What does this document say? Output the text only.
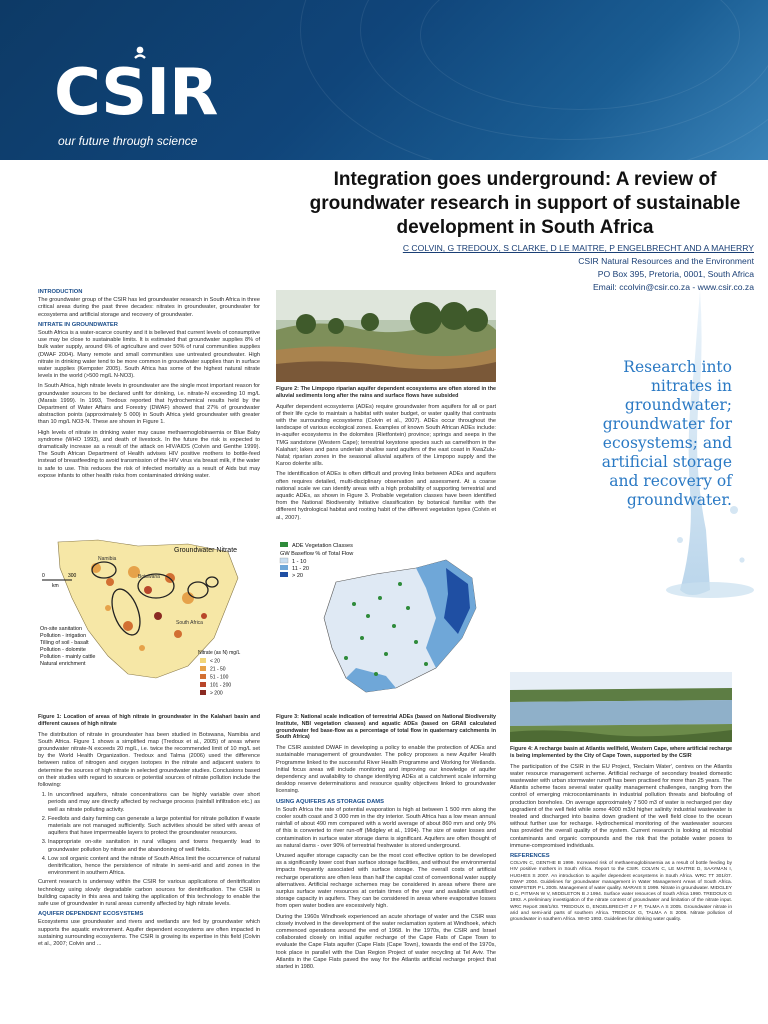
CSIR
our future through science
Integration goes underground: A review of
groundwater research in support of sustainable
development in South Africa
C COLVIN, G TREDOUX, S CLARKE, D LE MAITRE, P ENGELBRECHT AND A MAHERRY
CSIR Natural Resources and the Environment
PO Box 395, Pretoria, 0001, South Africa
Email: ccolvin@csir.co.za - www.csir.co.za
INTRODUCTION
The groundwater group of the CSIR has led groundwater research in South Africa in three critical areas during the past three decades: nitrates in groundwater, groundwater for ecosystems and artificial storage and recovery of groundwater.
NITRATE IN GROUNDWATER
South Africa is a water-scarce country and it is believed that current levels of consumptive use may be close to sustainable limits. It is estimated that groundwater supplies 8% of bulk water supply, around 6% of agriculture and over 50% of rural communities supplies (DWAF 2004). Many remote and small communities use untreated groundwater. High nitrate in drinking water tend to be more common in groundwater supplies than in surface water supplies (Kempster 2005). South Africa has some of the highest natural nitrate levels in the world (>500 mg/L N-NO3).
In South Africa, high nitrate levels in groundwater are the single most important reason for groundwater sources to be declared unfit for drinking, i.e. nitrate-N exceeding 10 mg/L (Marais 1999). In 1993, Tredoux reported that hydrochemical results held by the Department of Water Affairs and Forestry (DWAF) showed that 27% of groundwater abstraction points (approximately 5 000) in South Africa yield groundwater with greater than 10 mg/L NO3-N. These are shown in Figure 1.
High levels of nitrate in drinking water may cause methaemoglobinaemia or Blue Baby syndrome (WHO 1993), and death of livestock. In the future the risk is expected to dramatically increase as a result of the attack on HIV/AIDS (Colvin and Genthe 1999). The South African Department of Health advises HIV positive mothers to bottle-feed instead of breastfeeding to avoid transmission of the HIV virus via breast milk, if the water is safe to use. This reduces the risk of infected mortality as a result of Aids but may expose infants to other health risks from contaminated drinking water.
Namibia
Botswana
South Africa
Groundwater Nitrate
0	300
km
On-site sanitation
Pollution - irrigation
Tilling of soil - basalt
Pollution - dolomite
Pollution - mainly cattle
Natural enrichment
Nitrate (as N) mg/L
< 20
21 - 50
51 - 100
101 - 200
> 200
Figure 1: Location of areas of high nitrate in groundwater in the Kalahari basin and different causes of high nitrate
The distribution of nitrate in groundwater has been studied in Botswana, Namibia and South Africa. Figure 1 shows a simplified map (Tredoux et al., 2005) of areas where groundwater nitrate-N exceeds 20 mg/L, i.e. twice the recommended limit of 10 mg/L set by the World Health Organization. Tredoux and Talma (2006) used the difference between ratios of nitrogen and oxygen isotopes in the nitrate and adjacent waters to determine the sources of high nitrate in selected groundwater studies. Conclusions based on their studies with regard to sources or potential sources of nitrate pollution include the following:
1. In unconfined aquifers, nitrate concentrations can be highly variable over short periods and may are directly affected by recharge process (rainfall infiltration etc.) as well as nitrate polluting activity.
2. Feedlots and dairy farming can generate a large potential for nitrate pollution if waste materials are not managed sufficiently. Such activities should be sited with areas of aquifers that have impermeable layers to protect the groundwater resources.
3. Inappropriate on-site sanitation in rural villages and towns frequently lead to groundwater pollution by nitrate and the abandoning of well fields.
4. Low soil organic content and the nitrate of South Africa limit the occurrence of natural denitrification, hence the persistence of nitrate in semi-arid and arid zones in the environment in southern Africa.
Current research is underway within the CSIR for various applications of denitrification technology using slowly degradable carbon sources for denitrification. The CSIR is building capacity in this area and taking the application of this technology to enable the safe use of groundwater in rural areas currently affected by high nitrate levels.
AQUIFER DEPENDENT ECOSYSTEMS
Ecosystems use groundwater and rivers and wetlands are fed by groundwater which supports the aquatic environment. Aquifer dependent ecosystems are often impacted in sustaining surrounding ecosystems. The CSIR is growing its expertise in this field (Colvin et al., 2007; Colvin and ...
Figure 2: The Limpopo riparian aquifer dependent ecosystems are often stored in the alluvial sediments long after the rains and surface flows have subsided
Aquifer dependent ecosystems (ADEs) require groundwater from aquifers for all or part of their life cycle to maintain a habitat with water budget, or water quality that contrasts with the surrounding ecosystems (Colvin et al., 2007). ADEs occur throughout the landscape of various ecological zones. Examples of known South African ADEs include: in-aquifer ecosystems in the dolomites (Rietfontein) province; springs and seeps in the TMG sandstone (Western Cape); terrestrial keystone species such as camelthorn in the Kalahari; lakes and pans underlain shallow sand aquifers of the east coast in KwaZulu-Natal; riparian zones in the seasonal alluvial aquifers of the Limpopo supply and the Karoo dolerite sills.
The identification of ADEs is often difficult and proving links between ADEs and aquifers often requires detailed, multi-disciplinary observation and assessment. At a coarse national scale we can identify areas with a high probability of supporting terrestrial and aquatic ADEs, as shown in Figure 3. Probable vegetation classes have been identified from the National Biodiversity Initiative classification by botanical familiar with the different hydrological habitat and rooting habit of the different vegetation types (Colvin et al., 2007).
ADE Vegetation Classes
GW Baseflow % of Total Flow
1 - 10
11 - 20
> 20
Figure 3: National scale indication of terrestrial ADEs (based on National Biodiversity Institute, NBI vegetation classes) and aquatic ADEs (based on GRAII calculated groundwater fed base-flow as a percentage of total flow in quaternary catchments in South Africa)
The CSIR assisted DWAF in developing a policy to enable the protection of ADEs and sustainable management of groundwater. The policy proposes a new Aquifer Health Programme linked to the successful River Health Programme and Working for Wetlands. Initial focus areas will include monitoring and improving our knowledge of aquifer dependency and availability to change identifying ADEs at a catchment scale informing desktop reserve determinations and resource quality objectives linked to groundwater licensing.
USING AQUIFERS AS STORAGE DAMS
In South Africa the rate of potential evaporation is high at between 1 500 mm along the cooler south coast and 3 000 mm in the dry interior. South Africa has a low mean annual rainfall of about 490 mm compared with a world average of about 860 mm and only 9% of this is converted to river run-off (Midgley et al., 1994). The size of water losses and contamination in surface water storage dams is significant. Aquifers are often thought of as natural dams - over 90% of terrestrial freshwater is stored underground.
Unused aquifer storage capacity can be the most cost effective option to be developed as a significantly lower cost than surface storage facilities, and without the environmental impacts frequently associated with surface storage. The overall costs of artificial recharge operations are often less than half the capital cost of conventional water supply alternatives. Artificial recharge schemes may be considered in areas where there are surplus surface water resources at certain times of the year and available unutilised storage capacity in aquifers. They can be considered in areas where evaporative losses from open water bodies are excessively high.
During the 1960s Windhoek experienced an acute shortage of water and the CSIR was closely involved in the development of the water reclamation system at Windhoek, which commenced operations around the end of 1968. In the 1970s, the CSIR and Israel collaborated closely on initial aquifer recharge of the Cape Flats of Cape Town to evaluate the Cape Flats aquifer (Cape Flats (Cape Town), towards the end of the 1970s, took place in parallel with the Dan Region Project of water recycling at Tel Aviv. The Atlantis in the Cape Flats paved the way for the Atlantis artificial recharge project that started in 1980.
Research into
nitrates in
groundwater;
groundwater for
ecosystems; and
artificial storage
and recovery of
groundwater.
Figure 4: A recharge basin at Atlantis wellfield, Western Cape, where artificial recharge is being implemented by the City of Cape Town, supported by the CSIR
The participation of the CSIR in the EU Project, 'Reclaim Water', centres on the Atlantis water resource management scheme. Artificial recharge of secondary treated domestic wastewater with urban stormwater runoff has been practised for more than 25 years. The Atlantis scheme faces several water quality management challenges, ranging from the control of emerging microcontaminants in industrial pollution threats and biofouling of production boreholes. On average approximately 7 500 m3 of water is recharged per day upgradient of the well field while some 4000 m3/d higher salinity industrial wastewater is treated and discharged into basins down gradient of the well field close to the ocean without further use for recharge. Hydrochemical monitoring of the wastewater sources has provided the overall quality of the system. Current research is looking at microbial contaminants and organic compounds and the risk that the potable water poses to immune-compromised individuals.
REFERENCES
COLVIN C, GENTHE B 1999. Increased risk of methaemoglobinaemia as a result of bottle feeding by HIV positive mothers in South Africa. Report to the CSIR. COLVIN C, LE MAITRE D, SAAYMAN I, HUGHES S 2007. An introduction to aquifer dependent ecosystems in South Africa. WRC TT 301/07. DWAF 2004. Guidelines for groundwater management in Water Management Areas of South Africa. KEMPSTER P L 2005. Management of water quality. MARAIS S 1999. Nitrate in groundwater. MIDGLEY D C, PITMAN W V, MIDDLETON B J 1994. Surface water resources of South Africa 1990. TREDOUX G 1993. A preliminary investigation of the nitrate content of groundwater and limitation of the nitrate input. WRC Report 368/1/93. TREDOUX G, ENGELBRECHT J F P, TALMA A S 2005. Groundwater nitrate in arid and semi-arid parts of southern Africa. TREDOUX G, TALMA A S 2006. Nitrate pollution of groundwater in southern Africa. WHO 1993. Guidelines for drinking water quality.
